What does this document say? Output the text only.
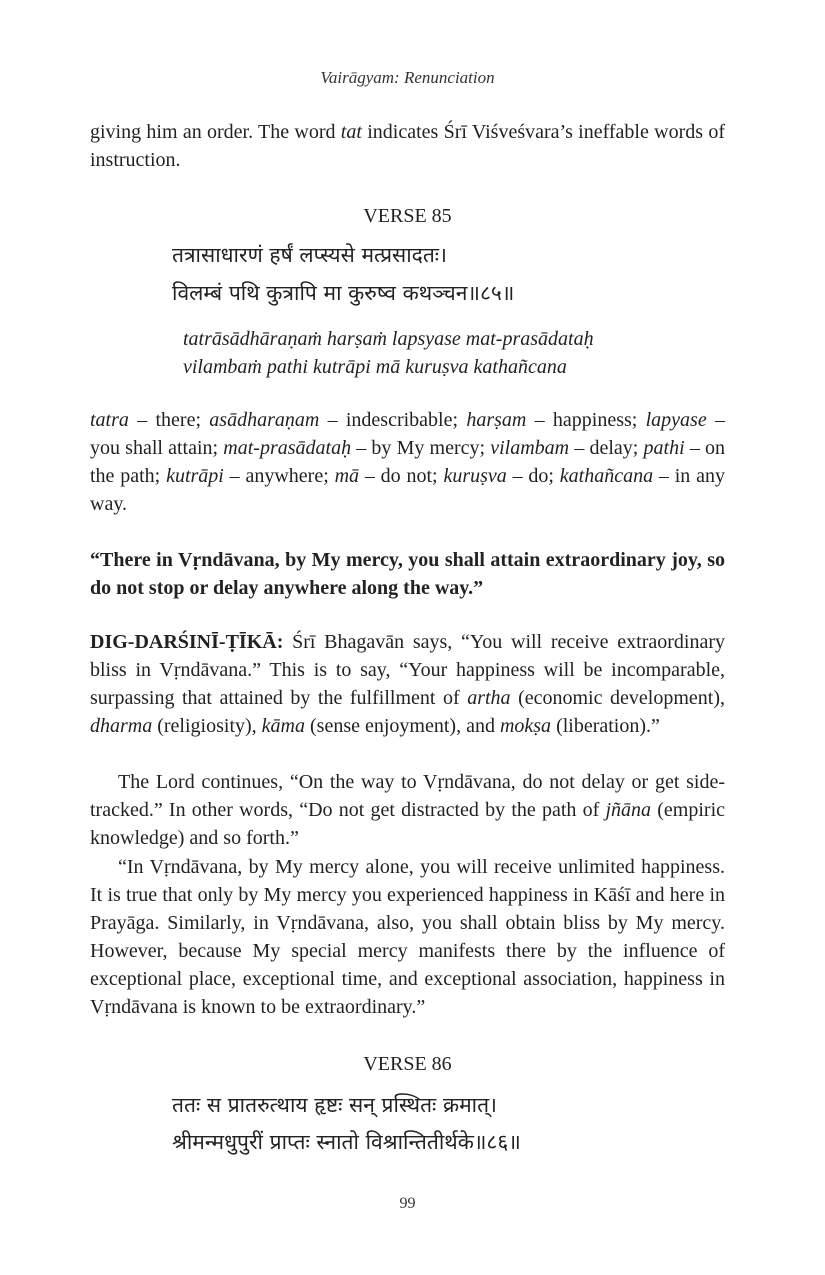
Vairāgyam: Renunciation

giving him an order. The word tat indicates Śrī Viśveśvara’s ineffable words of instruction.

VERSE 85
तत्रासाधारणं हर्षं लप्स्यसे मत्प्रसादतः।
विलम्बं पथि कुत्रापि मा कुरुष्व कथञ्चन॥८५॥
tatrāsādhāraṇaṁ harṣaṁ lapsyase mat-prasādataḥ
vilambaṁ pathi kutrāpi mā kuruṣva kathañcana

tatra – there; asādharaṇam – indescribable; harṣam – happiness; lapyase – you shall attain; mat-prasādataḥ – by My mercy; vilambam – delay; pathi – on the path; kutrāpi – anywhere; mā – do not; kuruṣva – do; kathañcana – in any way.

“There in Vṛndāvana, by My mercy, you shall attain extraordinary joy, so do not stop or delay anywhere along the way.”

DIG-DARŚINĪ-ṬĪKĀ: Śrī Bhagavān says, “You will receive extraordinary bliss in Vṛndāvana.” This is to say, “Your happiness will be incomparable, surpassing that attained by the fulfillment of artha (economic development), dharma (religiosity), kāma (sense enjoyment), and mokṣa (liberation).”

The Lord continues, “On the way to Vṛndāvana, do not delay or get side-tracked.” In other words, “Do not get distracted by the path of jñāna (empiric knowledge) and so forth.”

“In Vṛndāvana, by My mercy alone, you will receive unlimited happiness. It is true that only by My mercy you experienced happiness in Kāśī and here in Prayāga. Similarly, in Vṛndāvana, also, you shall obtain bliss by My mercy. However, because My special mercy manifests there by the influence of exceptional place, exceptional time, and exceptional association, happiness in Vṛndāvana is known to be extraordinary.”

VERSE 86
ततः स प्रातरुत्थाय हृष्टः सन् प्रस्थितः क्रमात्।
श्रीमन्मधुपुरीं प्राप्तः स्नातो विश्रान्तितीर्थके॥८६॥
99
